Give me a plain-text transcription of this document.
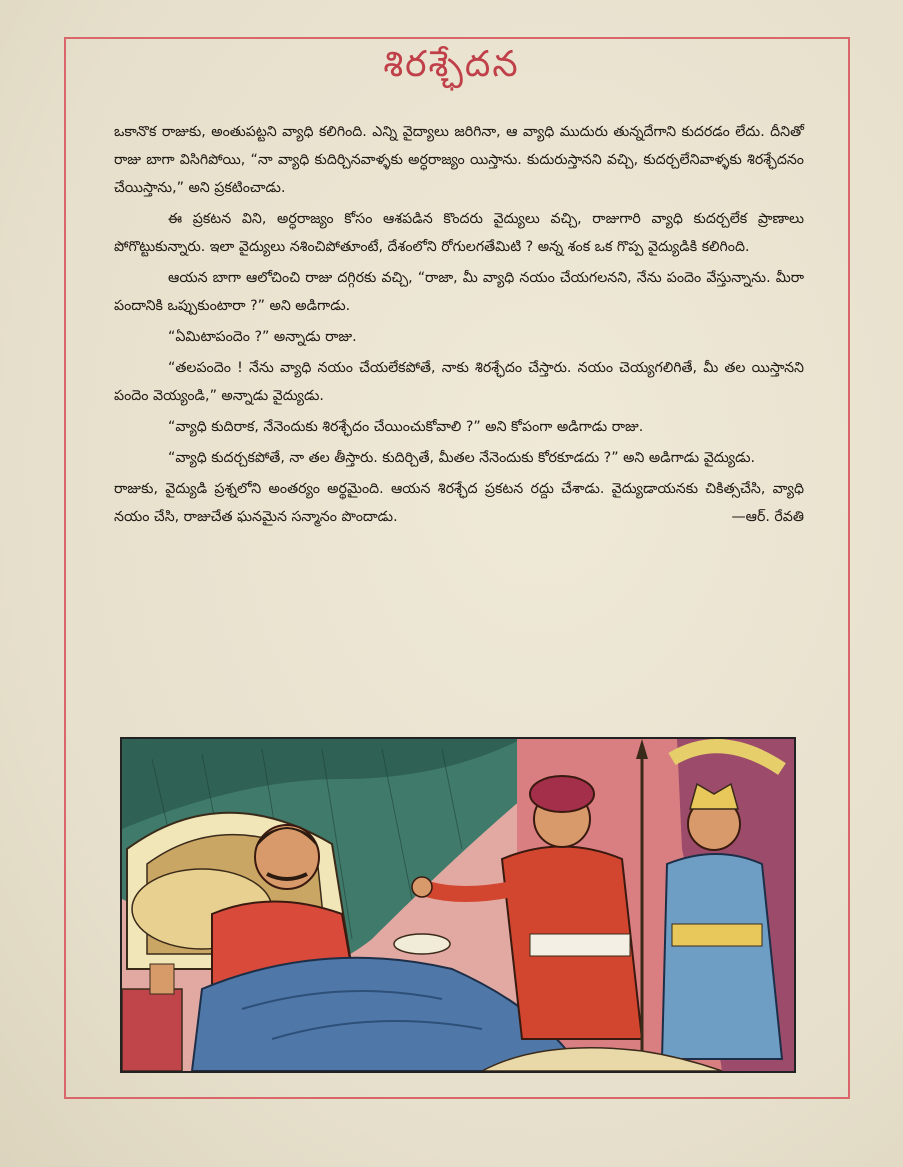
శిరశ్ఛేదన

ఒకానొక రాజుకు, అంతుపట్టని వ్యాధి కలిగింది. ఎన్ని వైద్యాలు జరిగినా, ఆ వ్యాధి ముదురు తున్నదేగాని కుదరడం లేదు. దీనితో రాజు బాగా విసిగిపోయి, “నా వ్యాధి కుదిర్చినవాళ్ళకు అర్ధరాజ్యం యిస్తాను. కుదురుస్తానని వచ్చి, కుదర్చలేనివాళ్ళకు శిరశ్ఛేదనం చేయిస్తాను,” అని ప్రకటించాడు.

ఈ ప్రకటన విని, అర్ధరాజ్యం కోసం ఆశపడిన కొందరు వైద్యులు వచ్చి, రాజుగారి వ్యాధి కుదర్చలేక ప్రాణాలు పోగొట్టుకున్నారు. ఇలా వైద్యులు నశించిపోతూంటే, దేశంలోని రోగులగతేమిటి ? అన్న శంక ఒక గొప్ప వైద్యుడికి కలిగింది.

ఆయన బాగా ఆలోచించి రాజు దగ్గిరకు వచ్చి, “రాజా, మీ వ్యాధి నయం చేయగలనని, నేను పందెం వేస్తున్నాను. మీరా పందానికి ఒప్పుకుంటారా ?” అని అడిగాడు.

“ఏమిటాపందెం ?” అన్నాడు రాజు.

“తలపందెం ! నేను వ్యాధి నయం చేయలేకపోతే, నాకు శిరశ్ఛేదం చేస్తారు. నయం చెయ్యగలిగితే, మీ తల యిస్తానని పందెం వెయ్యండి,” అన్నాడు వైద్యుడు.

“వ్యాధి కుదిరాక, నేనెందుకు శిరశ్ఛేదం చేయించుకోవాలి ?” అని కోపంగా అడిగాడు రాజు.

“వ్యాధి కుదర్చకపోతే, నా తల తీస్తారు. కుదిర్చితే, మీతల నేనెందుకు కోరకూడదు ?” అని అడిగాడు వైద్యుడు.

రాజుకు, వైద్యుడి ప్రశ్నలోని అంతర్యం అర్థమైంది. ఆయన శిరశ్ఛేద ప్రకటన రద్దు చేశాడు. వైద్యుడాయనకు చికిత్సచేసి, వ్యాధి నయం చేసి, రాజుచేత ఘనమైన సన్మానం పొందాడు.	—ఆర్. రేవతి
